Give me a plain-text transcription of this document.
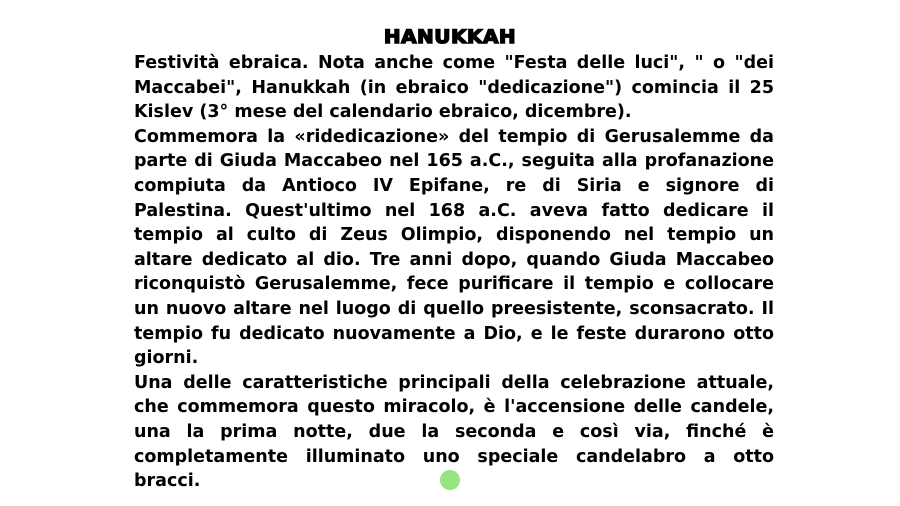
HANUKKAH

Festività ebraica. Nota anche come "Festa delle luci", " o "dei Maccabei", Hanukkah (in ebraico "dedicazione") comincia il 25 Kislev (3° mese del calendario ebraico, dicembre).

Commemora la «ridedicazione» del tempio di Gerusalemme da parte di Giuda Maccabeo nel 165 a.C., seguita alla profanazione compiuta da Antioco IV Epifane, re di Siria e signore di Palestina. Quest'ultimo nel 168 a.C. aveva fatto dedicare il tempio al culto di Zeus Olimpio, disponendo nel tempio un altare dedicato al dio. Tre anni dopo, quando Giuda Maccabeo riconquistò Gerusalemme, fece purificare il tempio e collocare un nuovo altare nel luogo di quello preesistente, sconsacrato. Il tempio fu dedicato nuovamente a Dio, e le feste durarono otto giorni.

Una delle caratteristiche principali della celebrazione attuale, che commemora questo miracolo, è l'accensione delle candele, una la prima notte, due la seconda e così via, finché è completamente illuminato uno speciale candelabro a otto bracci.
